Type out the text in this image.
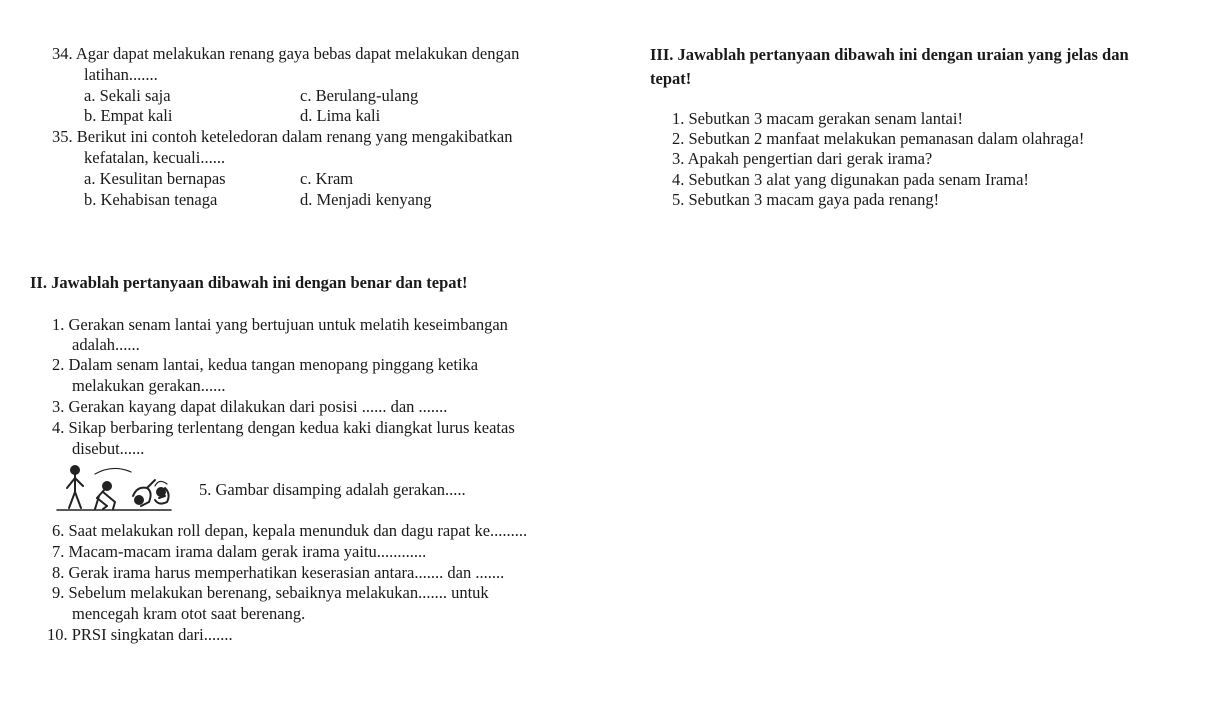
34. Agar dapat melakukan renang gaya bebas dapat melakukan dengan
latihan.......
a. Sekali saja	c. Berulang-ulang
b. Empat kali	d. Lima kali
35. Berikut ini contoh keteledoran dalam renang yang mengakibatkan
kefatalan, kecuali......
a. Kesulitan bernapas	c. Kram
b. Kehabisan tenaga	d. Menjadi kenyang
II. Jawablah pertanyaan dibawah ini dengan benar dan tepat!
1. Gerakan senam lantai yang bertujuan untuk melatih keseimbangan
adalah......
2. Dalam senam lantai, kedua tangan menopang pinggang ketika
melakukan gerakan......
3. Gerakan kayang dapat dilakukan dari posisi ...... dan .......
4. Sikap berbaring terlentang dengan kedua kaki diangkat lurus keatas
disebut......
5. Gambar disamping adalah gerakan.....
6. Saat melakukan roll depan, kepala menunduk dan dagu rapat ke.........
7. Macam-macam irama dalam gerak irama yaitu............
8. Gerak irama harus memperhatikan keserasian antara....... dan .......
9. Sebelum melakukan berenang, sebaiknya melakukan....... untuk
mencegah kram otot saat berenang.
10. PRSI singkatan dari.......
III. Jawablah pertanyaan dibawah ini dengan uraian yang jelas dan
tepat!
1. Sebutkan 3 macam gerakan senam lantai!
2. Sebutkan 2 manfaat melakukan pemanasan dalam olahraga!
3. Apakah pengertian dari gerak irama?
4. Sebutkan 3 alat yang digunakan pada senam Irama!
5. Sebutkan 3 macam gaya pada renang!
